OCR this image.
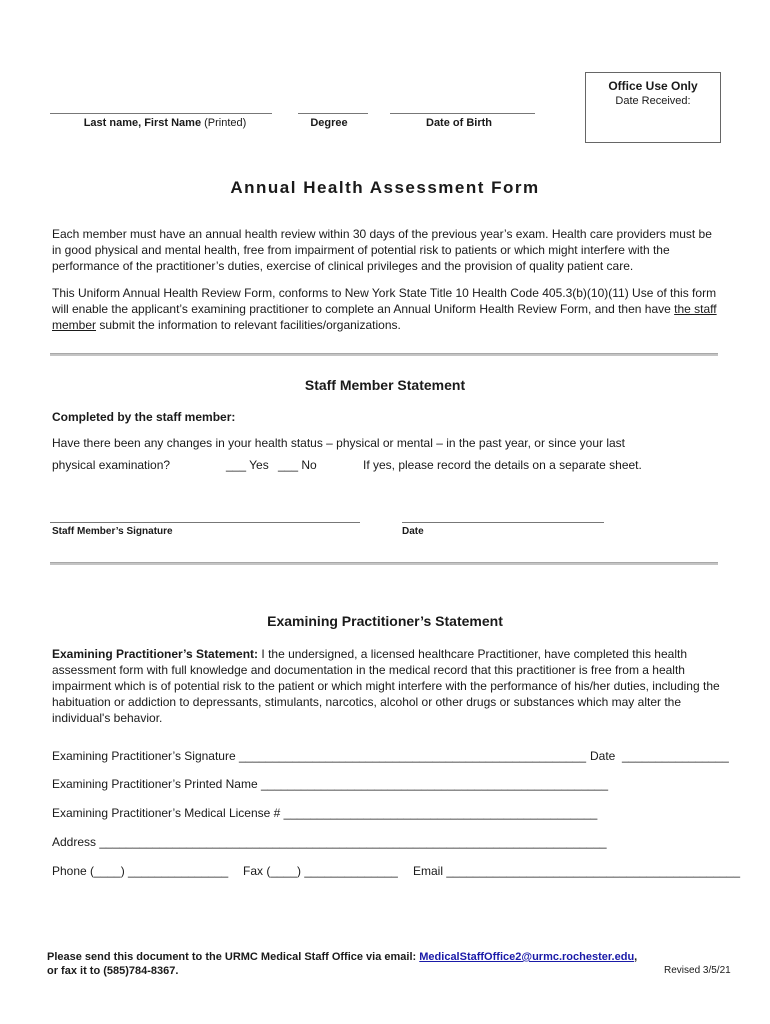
Office Use Only
Date Received:
Last name, First Name (Printed)	Degree	Date of Birth
Annual Health Assessment Form
Each member must have an annual health review within 30 days of the previous year’s exam. Health care providers must be in good physical and mental health, free from impairment of potential risk to patients or which might interfere with the performance of the practitioner’s duties, exercise of clinical privileges and the provision of quality patient care.
This Uniform Annual Health Review Form, conforms to New York State Title 10 Health Code 405.3(b)(10)(11) Use of this form will enable the applicant’s examining practitioner to complete an Annual Uniform Health Review Form, and then have the staff member submit the information to relevant facilities/organizations.
Staff Member Statement
Completed by the staff member:
Have there been any changes in your health status – physical or mental – in the past year, or since your last
physical examination?	___ Yes ___ No	If yes, please record the details on a separate sheet.
Staff Member’s Signature	Date
Examining Practitioner’s Statement
Examining Practitioner’s Statement: I the undersigned, a licensed healthcare Practitioner, have completed this health assessment form with full knowledge and documentation in the medical record that this practitioner is free from a health impairment which is of potential risk to the patient or which might interfere with the performance of his/her duties, including the habituation or addiction to depressants, stimulants, narcotics, alcohol or other drugs or substances which may alter the individual's behavior.
Examining Practitioner’s Signature ____________________________________________________ Date ________________
Examining Practitioner’s Printed Name ____________________________________________________
Examining Practitioner’s Medical License # _______________________________________________
Address ____________________________________________________________________________
Phone (____) _______________ Fax (____) ______________ Email ____________________________________________
Please send this document to the URMC Medical Staff Office via email: MedicalStaffOffice2@urmc.rochester.edu,
or fax it to (585)784-8367.	Revised 3/5/21
